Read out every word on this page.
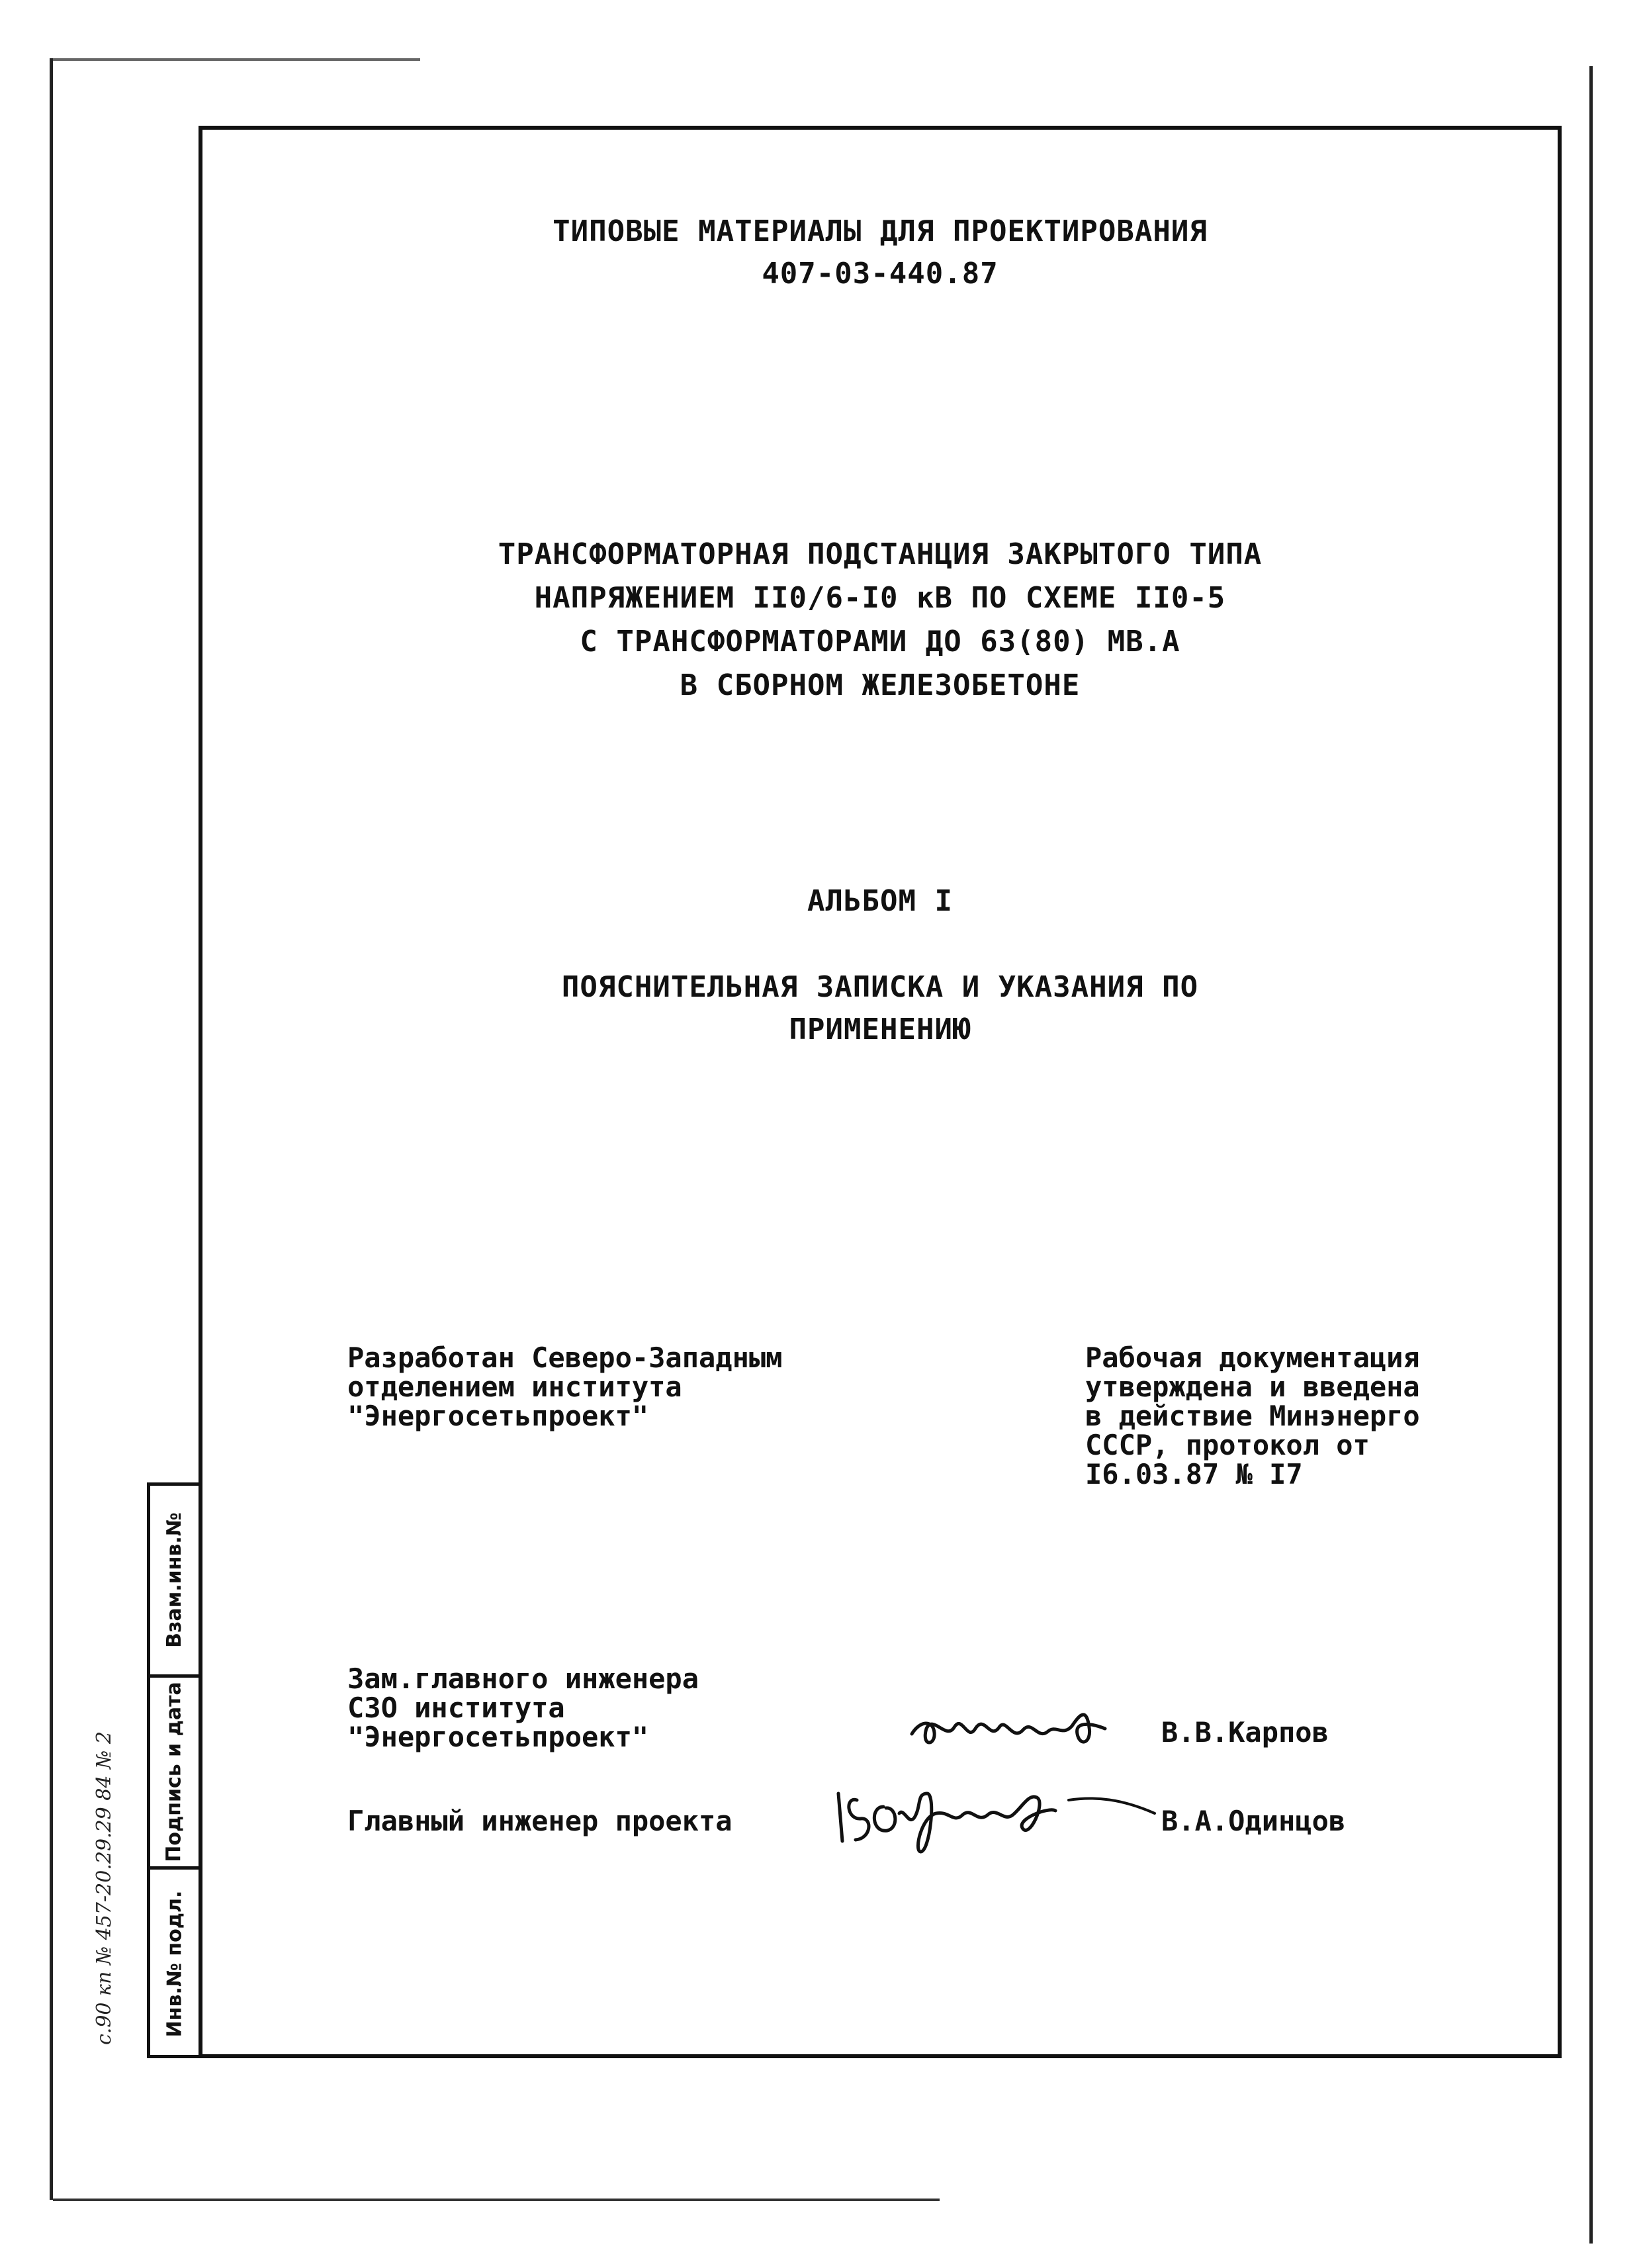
ТИПОВЫЕ МАТЕРИАЛЫ ДЛЯ ПРОЕКТИРОВАНИЯ
407-03-440.87
ТРАНСФОРМАТОРНАЯ ПОДСТАНЦИЯ ЗАКРЫТОГО ТИПА
НАПРЯЖЕНИЕМ II0/6-I0 кВ ПО СХЕМЕ II0-5
С ТРАНСФОРМАТОРАМИ ДО 63(80) МВ.А
В СБОРНОМ ЖЕЛЕЗОБЕТОНЕ
АЛЬБОМ I
ПОЯСНИТЕЛЬНАЯ ЗАПИСКА И УКАЗАНИЯ ПО
ПРИМЕНЕНИЮ
Разработан Северо-Западным
отделением института
"Энергосетьпроект"
Рабочая документация
утверждена и введена
в действие Минэнерго
СССР, протокол от
I6.03.87 № I7
Зам.главного инженера
СЗО института
"Энергосетьпроект"	В.В.Карпов
Главный инженер проекта	В.А.Одинцов
Взам.инв.№
Подпись и дата
Инв.№ подл.
с.90 кп № 457-20.29.29 84 № 2
